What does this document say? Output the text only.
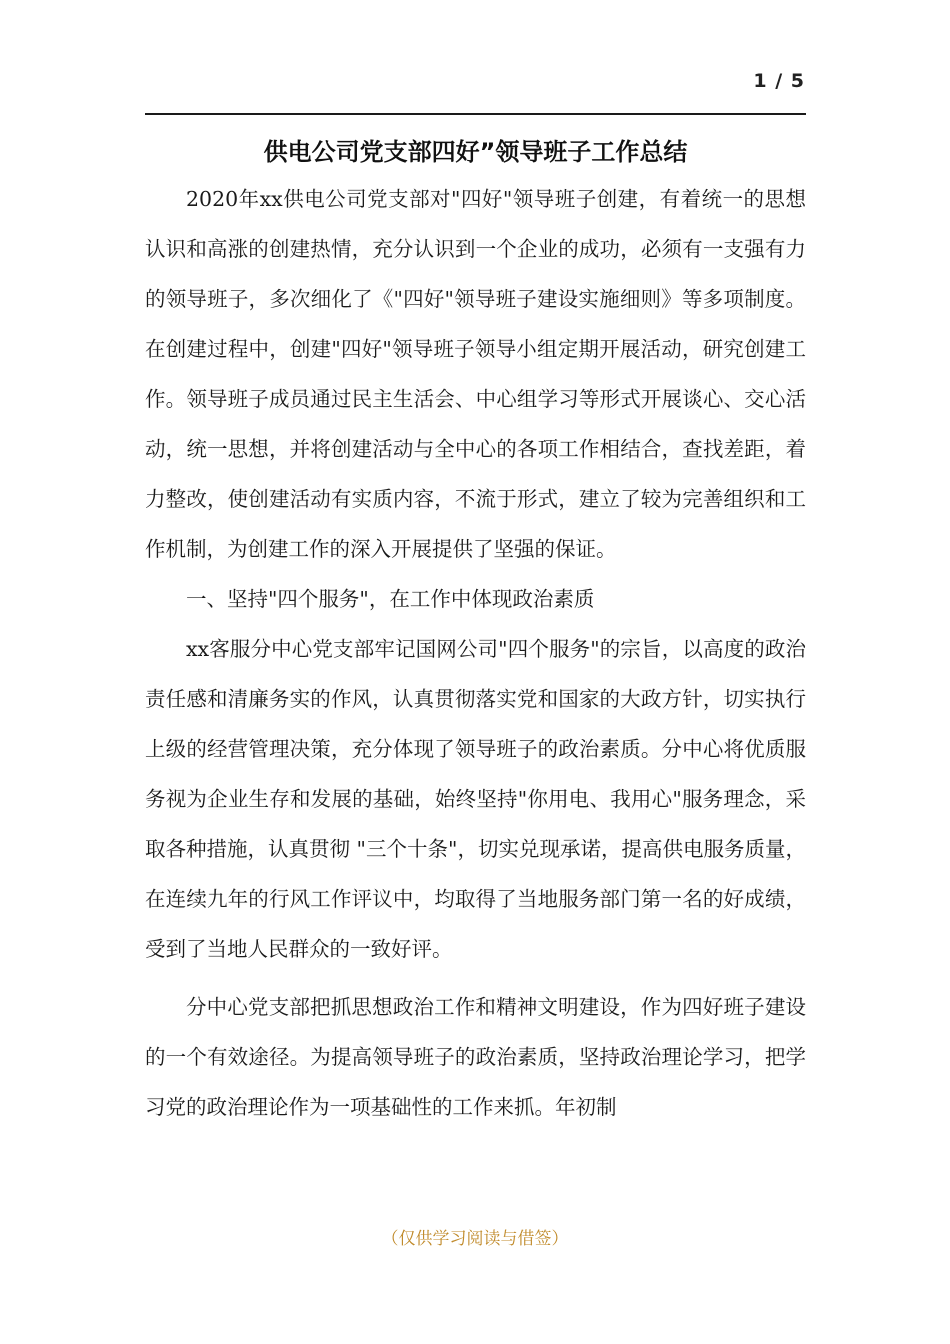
1 / 5
供电公司党支部四好”领导班子工作总结

2020年xx供电公司党支部对"四好"领导班子创建，有着统一的思想认识和高涨的创建热情，充分认识到一个企业的成功，必须有一支强有力的领导班子，多次细化了《"四好"领导班子建设实施细则》等多项制度。在创建过程中，创建"四好"领导班子领导小组定期开展活动，研究创建工作。领导班子成员通过民主生活会、中心组学习等形式开展谈心、交心活动，统一思想，并将创建活动与全中心的各项工作相结合，查找差距，着力整改，使创建活动有实质内容，不流于形式，建立了较为完善组织和工作机制，为创建工作的深入开展提供了坚强的保证。

一、坚持"四个服务"，在工作中体现政治素质

xx客服分中心党支部牢记国网公司"四个服务"的宗旨，以高度的政治责任感和清廉务实的作风，认真贯彻落实党和国家的大政方针，切实执行上级的经营管理决策，充分体现了领导班子的政治素质。分中心将优质服务视为企业生存和发展的基础，始终坚持"你用电、我用心"服务理念，采取各种措施，认真贯彻 "三个十条"，切实兑现承诺，提高供电服务质量，在连续九年的行风工作评议中，均取得了当地服务部门第一名的好成绩，受到了当地人民群众的一致好评。

分中心党支部把抓思想政治工作和精神文明建设，作为四好班子建设的一个有效途径。为提高领导班子的政治素质，坚持政治理论学习，把学习党的政治理论作为一项基础性的工作来抓。年初制

（仅供学习阅读与借签）
